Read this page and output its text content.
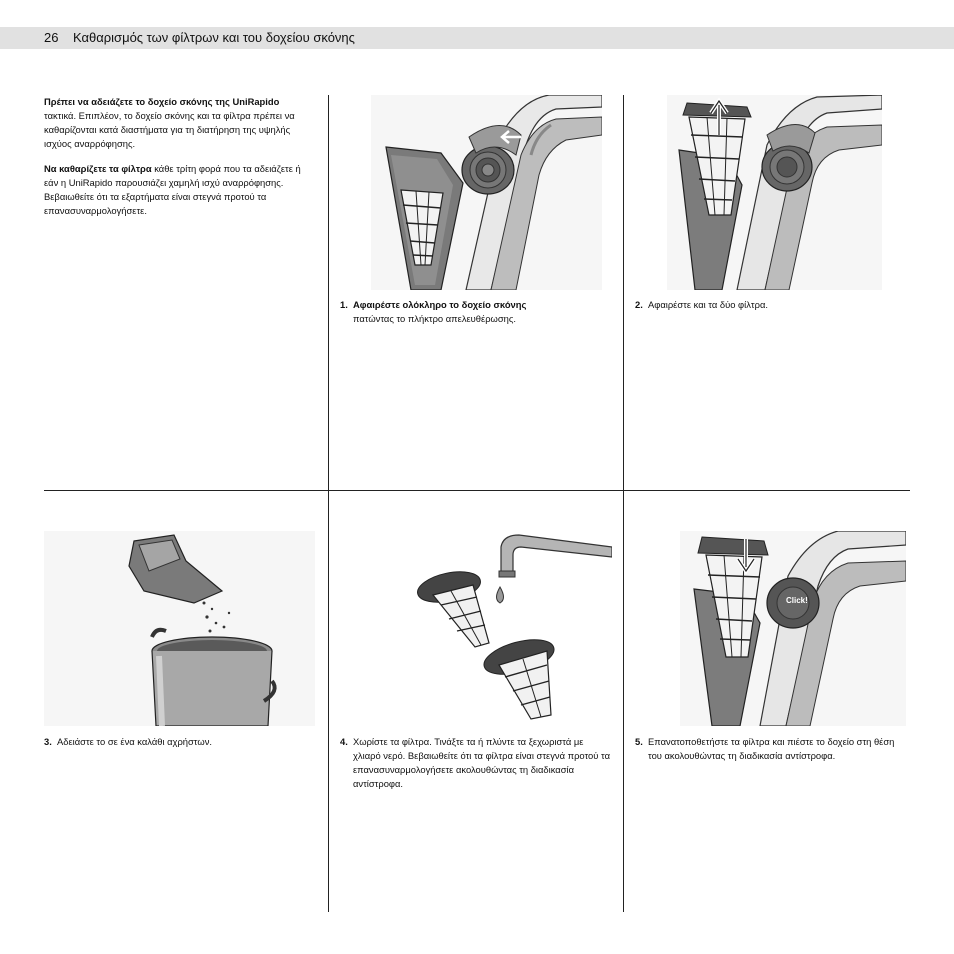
26 Καθαρισμός των φίλτρων και του δοχείου σκόνης

Πρέπει να αδειάζετε το δοχείο σκόνης της UniRapido τακτικά. Επιπλέον, το δοχείο σκόνης και τα φίλτρα πρέπει να καθαρίζονται κατά διαστήματα για τη διατήρηση της υψηλής ισχύος αναρρόφησης.

Να καθαρίζετε τα φίλτρα κάθε τρίτη φορά που τα αδειάζετε ή εάν η UniRapido παρουσιάζει χαμηλή ισχύ αναρρόφησης. Βεβαιωθείτε ότι τα εξαρτήματα είναι στεγνά προτού τα επανασυναρμολογήσετε.

Click!
1. Αφαιρέστε ολόκληρο το δοχείο σκόνης
πατώντας το πλήκτρο απελευθέρωσης.
2. Αφαιρέστε και τα δύο φίλτρα.
3. Αδειάστε το σε ένα καλάθι αχρήστων.	4. Χωρίστε τα φίλτρα. Τινάξτε τα ή πλύντε τα ξεχωριστά με χλιαρό νερό. Βεβαιωθείτε ότι τα φίλτρα είναι στεγνά προτού τα επανασυναρμολογήσετε ακολουθώντας τη διαδικασία αντίστροφα.
5. Επανατοποθετήστε τα φίλτρα και πιέστε το δοχείο στη θέση του ακολουθώντας τη διαδικασία αντίστροφα.
